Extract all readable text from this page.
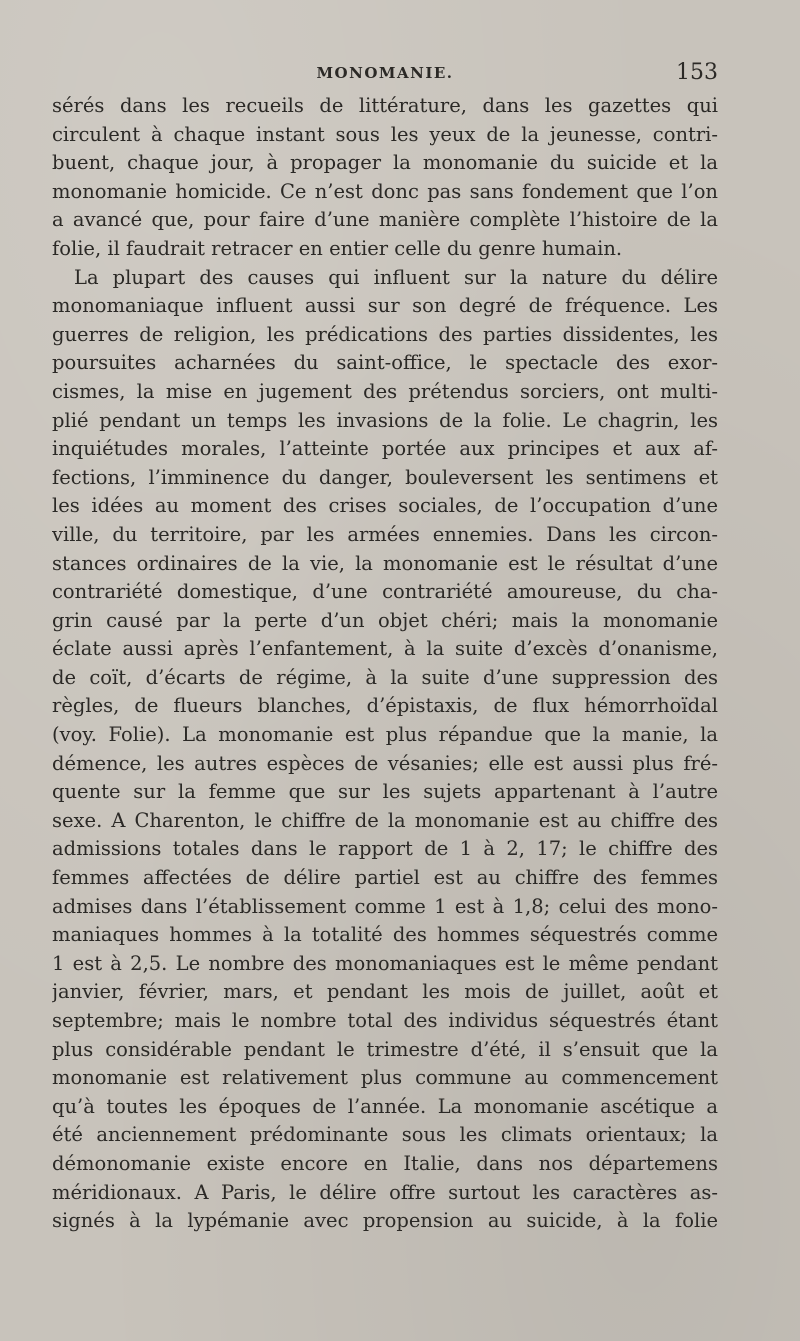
MONOMANIE.	153
sérés dans les recueils de littérature, dans les gazettes qui
circulent à chaque instant sous les yeux de la jeunesse, contri-
buent, chaque jour, à propager la monomanie du suicide et la
monomanie homicide. Ce n’est donc pas sans fondement que l’on
a avancé que, pour faire d’une manière complète l’histoire de la
folie, il faudrait retracer en entier celle du genre humain.
La plupart des causes qui influent sur la nature du délire
monomaniaque influent aussi sur son degré de fréquence. Les
guerres de religion, les prédications des parties dissidentes, les
poursuites acharnées du saint-office, le spectacle des exor-
cismes, la mise en jugement des prétendus sorciers, ont multi-
plié pendant un temps les invasions de la folie. Le chagrin, les
inquiétudes morales, l’atteinte portée aux principes et aux af-
fections, l’imminence du danger, bouleversent les sentimens et
les idées au moment des crises sociales, de l’occupation d’une
ville, du territoire, par les armées ennemies. Dans les circon-
stances ordinaires de la vie, la monomanie est le résultat d’une
contrariété domestique, d’une contrariété amoureuse, du cha-
grin causé par la perte d’un objet chéri; mais la monomanie
éclate aussi après l’enfantement, à la suite d’excès d’onanisme,
de coït, d’écarts de régime, à la suite d’une suppression des
règles, de flueurs blanches, d’épistaxis, de flux hémorrhoïdal
(voy. Folie). La monomanie est plus répandue que la manie, la
démence, les autres espèces de vésanies; elle est aussi plus fré-
quente sur la femme que sur les sujets appartenant à l’autre
sexe. A Charenton, le chiffre de la monomanie est au chiffre des
admissions totales dans le rapport de 1 à 2, 17; le chiffre des
femmes affectées de délire partiel est au chiffre des femmes
admises dans l’établissement comme 1 est à 1,8; celui des mono-
maniaques hommes à la totalité des hommes séquestrés comme
1 est à 2,5. Le nombre des monomaniaques est le même pendant
janvier, février, mars, et pendant les mois de juillet, août et
septembre; mais le nombre total des individus séquestrés étant
plus considérable pendant le trimestre d’été, il s’ensuit que la
monomanie est relativement plus commune au commencement
qu’à toutes les époques de l’année. La monomanie ascétique a
été anciennement prédominante sous les climats orientaux; la
démonomanie existe encore en Italie, dans nos départemens
méridionaux. A Paris, le délire offre surtout les caractères as-
signés à la lypémanie avec propension au suicide, à la folie
